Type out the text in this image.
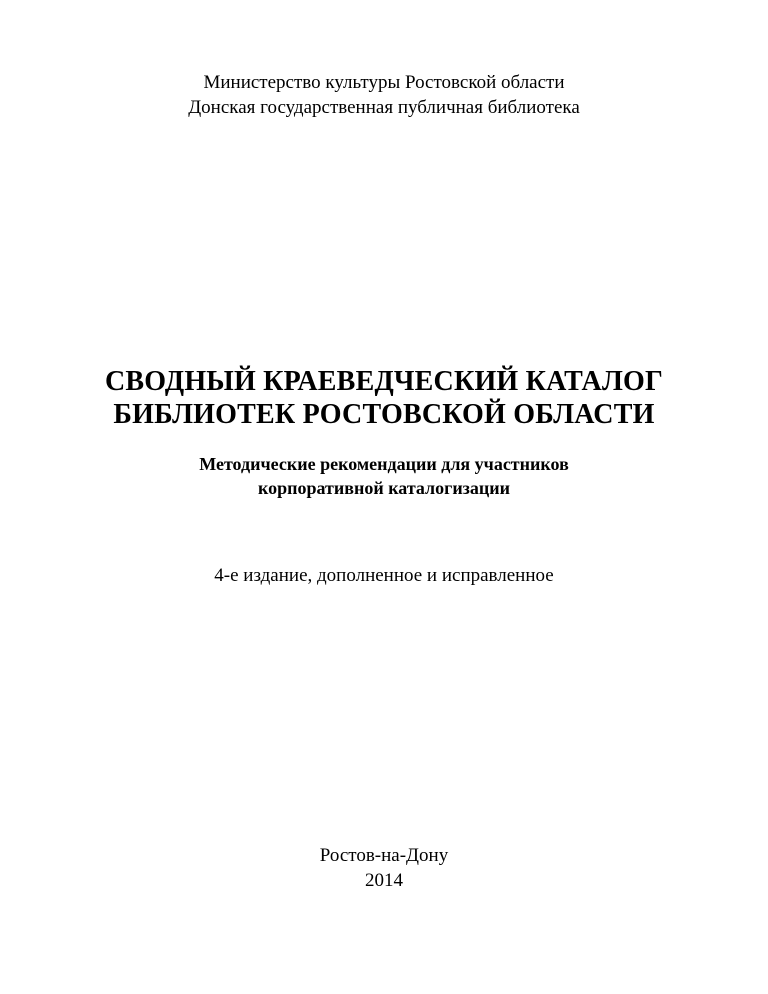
Министерство культуры Ростовской области
Донская государственная публичная библиотека
СВОДНЫЙ КРАЕВЕДЧЕСКИЙ КАТАЛОГ
БИБЛИОТЕК РОСТОВСКОЙ ОБЛАСТИ
Методические рекомендации для участников
корпоративной каталогизации
4-е издание, дополненное и исправленное
Ростов-на-Дону
2014
